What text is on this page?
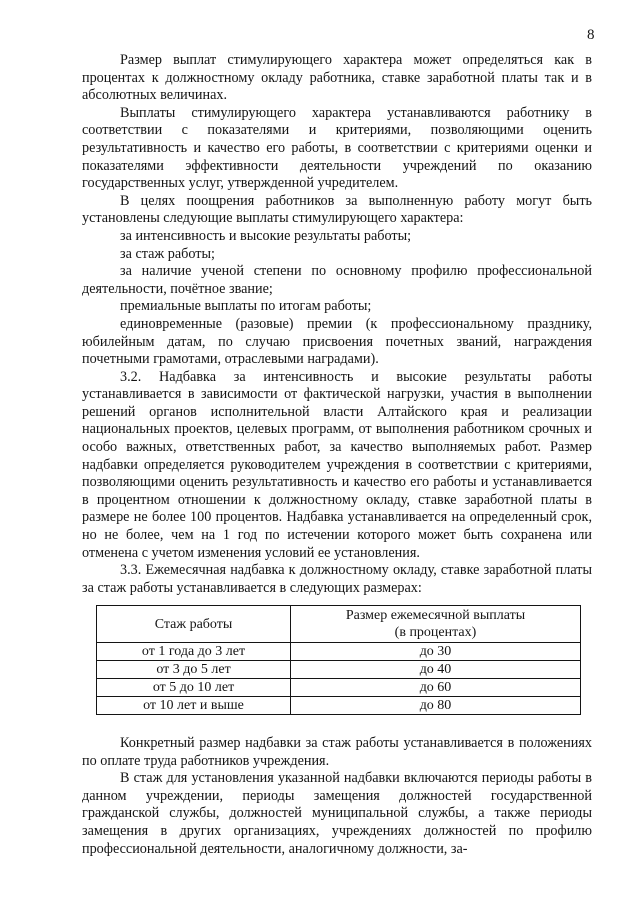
8

Размер выплат стимулирующего характера может определяться как в процентах к должностному окладу работника, ставке заработной платы так и в абсолютных величинах.

Выплаты стимулирующего характера устанавливаются работнику в соответствии с показателями и критериями, позволяющими оценить результативность и качество его работы, в соответствии с критериями оценки и показателями эффективности деятельности учреждений по оказанию государственных услуг, утвержденной учредителем.

В целях поощрения работников за выполненную работу могут быть установлены следующие выплаты стимулирующего характера:

за интенсивность и высокие результаты работы;

за стаж работы;

за наличие ученой степени по основному профилю профессиональной деятельности, почётное звание;

премиальные выплаты по итогам работы;

единовременные (разовые) премии (к профессиональному празднику, юбилейным датам, по случаю присвоения почетных званий, награждения почетными грамотами, отраслевыми наградами).

3.2. Надбавка за интенсивность и высокие результаты работы устанавливается в зависимости от фактической нагрузки, участия в выполнении решений органов исполнительной власти Алтайского края и реализации национальных проектов, целевых программ, от выполнения работником срочных и особо важных, ответственных работ, за качество выполняемых работ. Размер надбавки определяется руководителем учреждения в соответствии с критериями, позволяющими оценить результативность и качество его работы и устанавливается в процентном отношении к должностному окладу, ставке заработной платы в размере не более 100 процентов. Надбавка устанавливается на определенный срок, но не более, чем на 1 год по истечении которого может быть сохранена или отменена с учетом изменения условий ее установления.

3.3. Ежемесячная надбавка к должностному окладу, ставке заработной платы за стаж работы устанавливается в следующих размерах:

Стаж работы	Размер ежемесячной выплаты
(в процентах)

от 1 года до 3 лет	до 30
от 3 до 5 лет	до 40
от 5 до 10 лет	до 60
от 10 лет и выше	до 80

Конкретный размер надбавки за стаж работы устанавливается в положениях по оплате труда работников учреждения.

В стаж для установления указанной надбавки включаются периоды работы в данном учреждении, периоды замещения должностей государственной гражданской службы, должностей муниципальной службы, а также периоды замещения в других организациях, учреждениях должностей по профилю профессиональной деятельности, аналогичному должности, за-
